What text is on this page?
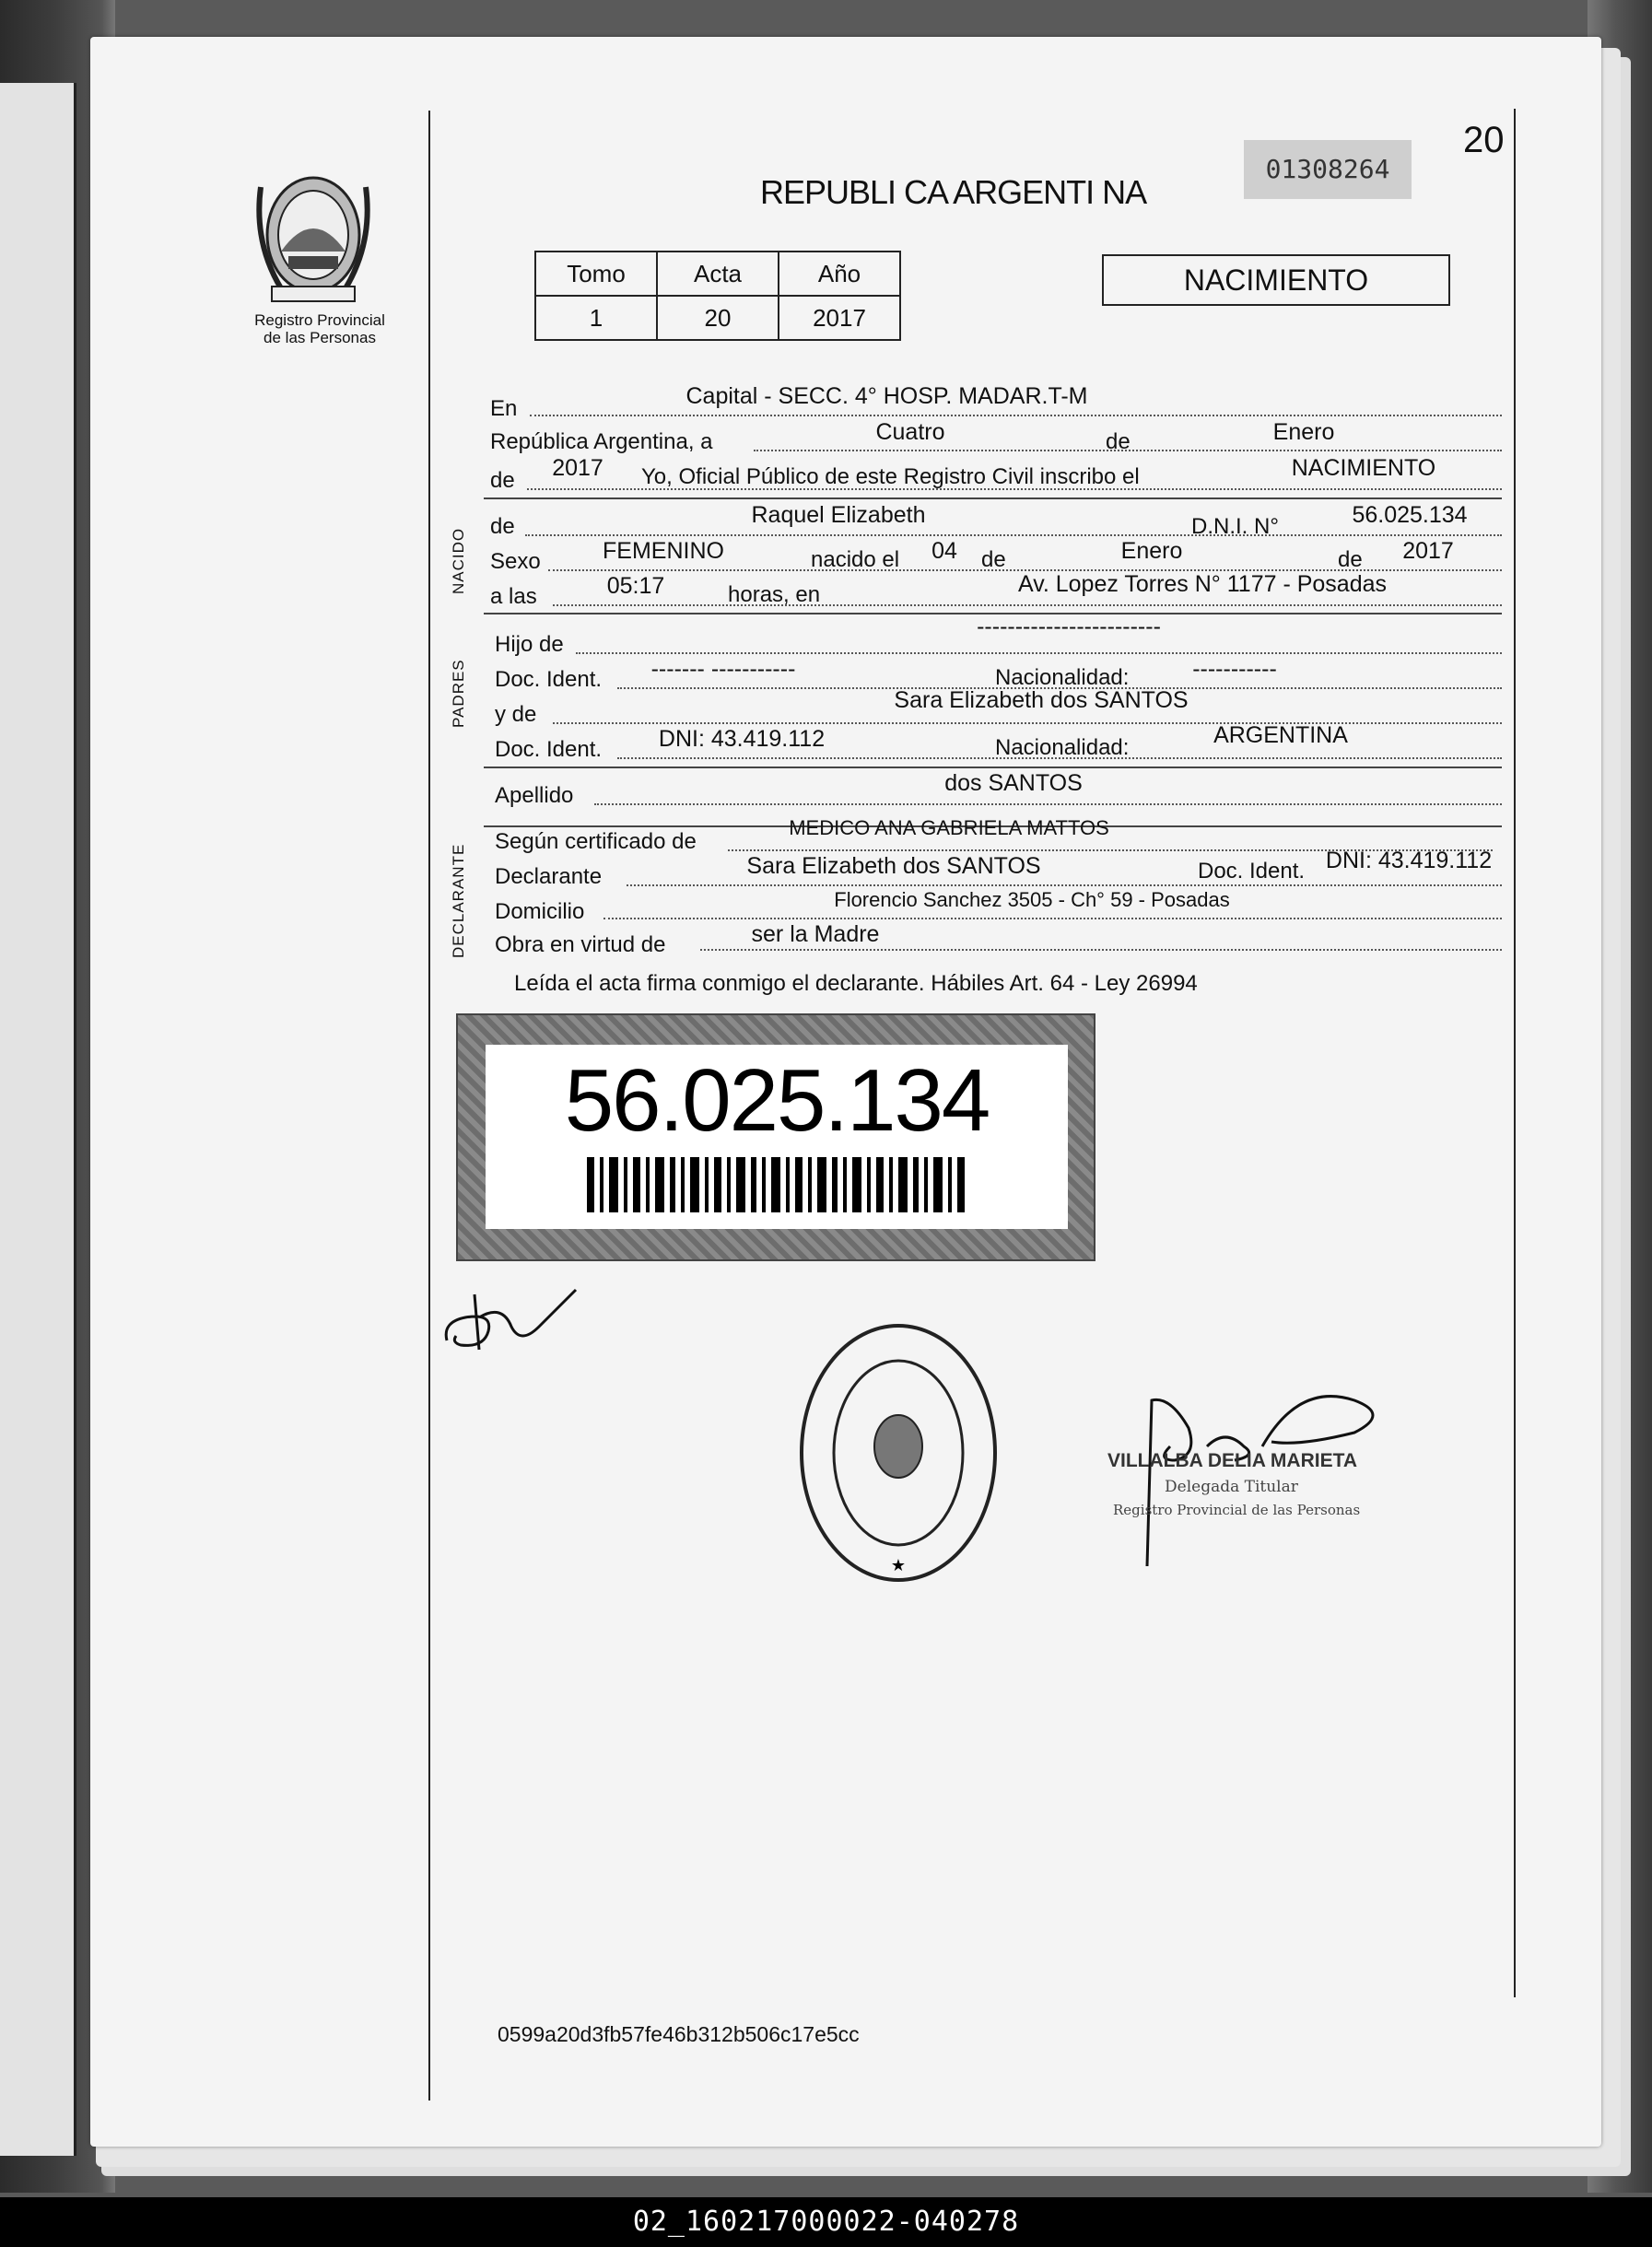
Registro Provincial
de las Personas
20
01308264
REPUBLI CA ARGENTI NA
Tomo	Acta	Año
1	20	2017
NACIMIENTO
En	Capital - SECC. 4° HOSP. MADAR.T-M
República Argentina, a	Cuatro	de	Enero
de	2017	Yo, Oficial Público de este Registro Civil inscribo el	NACIMIENTO
NACIDO
de	Raquel Elizabeth	D.N.I. N°	56.025.134
Sexo	FEMENINO	nacido el	04	de	Enero	de	2017
a las	05:17	horas, en	Av. Lopez Torres N° 1177 - Posadas
PADRES
Hijo de
------------------------
Doc. Ident.	------- -----------	Nacionalidad:	-----------
y de
Sara Elizabeth dos SANTOS
Doc. Ident.	DNI: 43.419.112	Nacionalidad:	ARGENTINA
Apellido	dos SANTOS
DECLARANTE
Según certificado de
MEDICO ANA GABRIELA MATTOS
Declarante	Sara Elizabeth dos SANTOS	Doc. Ident. DNI: 43.419.112
Domicilio	Florencio Sanchez 3505 - Ch° 59 - Posadas
Obra en virtud de	ser la Madre
Leída el acta firma conmigo el declarante. Hábiles Art. 64 - Ley 26994
56.025.134
★
VILLALBA DELIA MARIETA
Delegada Titular
Registro Provincial de las Personas
0599a20d3fb57fe46b312b506c17e5cc
02_160217000022-040278
